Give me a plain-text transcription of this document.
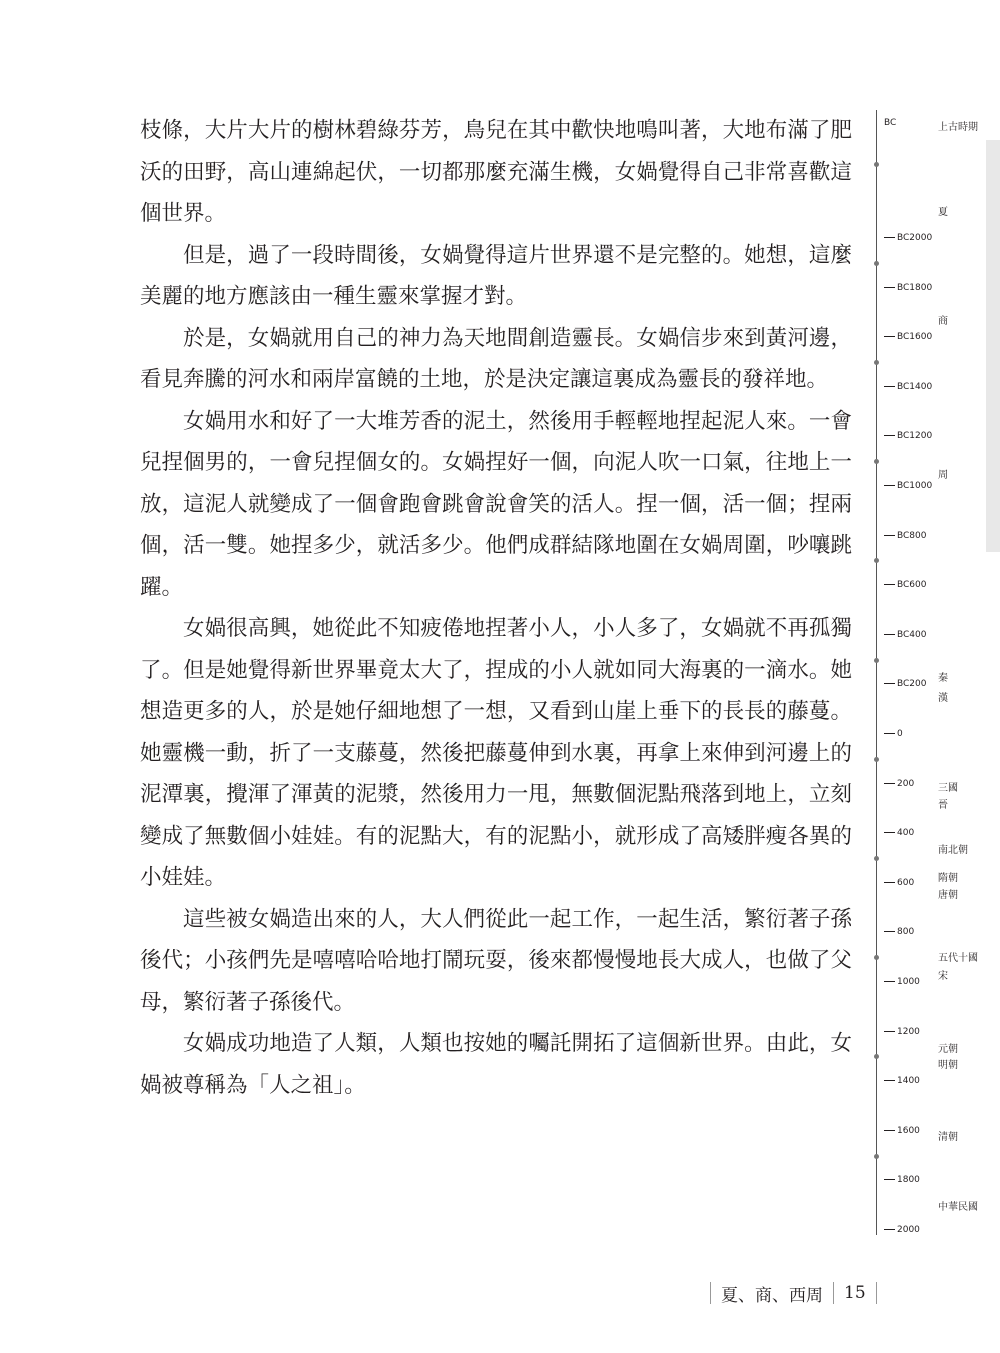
枝條，大片大片的樹林碧綠芬芳，鳥兒在其中歡快地鳴叫著，大地布滿了肥沃的田野，高山連綿起伏，一切都那麼充滿生機，女媧覺得自己非常喜歡這個世界。

但是，過了一段時間後，女媧覺得這片世界還不是完整的。她想，這麼美麗的地方應該由一種生靈來掌握才對。

於是，女媧就用自己的神力為天地間創造靈長。女媧信步來到黃河邊，看見奔騰的河水和兩岸富饒的土地，於是決定讓這裏成為靈長的發祥地。

女媧用水和好了一大堆芳香的泥土，然後用手輕輕地捏起泥人來。一會兒捏個男的，一會兒捏個女的。女媧捏好一個，向泥人吹一口氣，往地上一放，這泥人就變成了一個會跑會跳會說會笑的活人。捏一個，活一個；捏兩個，活一雙。她捏多少，就活多少。他們成群結隊地圍在女媧周圍，吵嚷跳躍。

女媧很高興，她從此不知疲倦地捏著小人，小人多了，女媧就不再孤獨了。但是她覺得新世界畢竟太大了，捏成的小人就如同大海裏的一滴水。她想造更多的人，於是她仔細地想了一想，又看到山崖上垂下的長長的藤蔓。她靈機一動，折了一支藤蔓，然後把藤蔓伸到水裏，再拿上來伸到河邊上的泥潭裏，攪渾了渾黃的泥漿，然後用力一甩，無數個泥點飛落到地上，立刻變成了無數個小娃娃。有的泥點大，有的泥點小，就形成了高矮胖瘦各異的小娃娃。

這些被女媧造出來的人，大人們從此一起工作，一起生活，繁衍著子孫後代；小孩們先是嘻嘻哈哈地打鬧玩耍，後來都慢慢地長大成人，也做了父母，繁衍著子孫後代。

女媧成功地造了人類，人類也按她的囑託開拓了這個新世界。由此，女媧被尊稱為「人之祖」。

BC	上古時期
BC2000
BC1800
BC1600
BC1400
BC1200
BC1000
BC800
BC600
BC400
BC200
0
200
400
600
800
1000
1200
1400
1600
1800
2000
夏
商
周
秦
漢
三國
晉
南北朝
隋朝
唐朝
五代十國
宋
元朝
明朝
清朝
中華民國
夏、商、西周 15
